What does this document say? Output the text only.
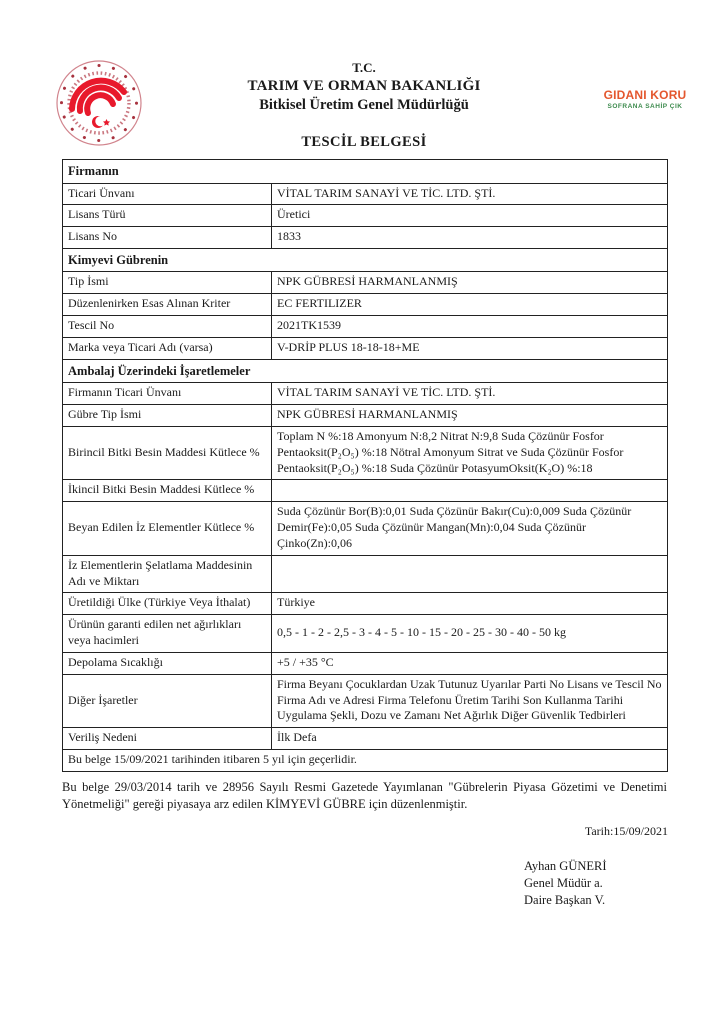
T.C.
TARIM VE ORMAN BAKANLIĞI
Bitkisel Üretim Genel Müdürlüğü
TESCİL BELGESİ
GIDANI KORU
SOFRANA SAHİP ÇIK
Firmanın	
Ticari Ünvanı	VİTAL TARIM SANAYİ VE TİC. LTD. ŞTİ.
Lisans Türü	Üretici
Lisans No	1833
Kimyevi Gübrenin	
Tip İsmi	NPK GÜBRESİ HARMANLANMIŞ
Düzenlenirken Esas Alınan Kriter	EC FERTILIZER
Tescil No	2021TK1539
Marka veya Ticari Adı (varsa)	V-DRİP PLUS 18-18-18+ME
Ambalaj Üzerindeki İşaretlemeler	
Firmanın Ticari Ünvanı	VİTAL TARIM SANAYİ VE TİC. LTD. ŞTİ.
Gübre Tip İsmi	NPK GÜBRESİ HARMANLANMIŞ
Birincil Bitki Besin Maddesi Kütlece %	Toplam N %:18 Amonyum N:8,2 Nitrat N:9,8 Suda Çözünür Fosfor Pentaoksit(P₂O₅) %:18 Nötral Amonyum Sitrat ve Suda Çözünür Fosfor Pentaoksit(P₂O₅) %:18 Suda Çözünür PotasyumOksit(K₂O) %:18
İkincil Bitki Besin Maddesi Kütlece %	
Beyan Edilen İz Elementler Kütlece %	Suda Çözünür Bor(B):0,01 Suda Çözünür Bakır(Cu):0,009 Suda Çözünür Demir(Fe):0,05 Suda Çözünür Mangan(Mn):0,04 Suda Çözünür Çinko(Zn):0,06
İz Elementlerin Şelatlama Maddesinin Adı ve Miktarı	
Üretildiği Ülke (Türkiye Veya İthalat)	Türkiye
Ürünün garanti edilen net ağırlıkları veya hacimleri	0,5 - 1 - 2 - 2,5 - 3 - 4 - 5 - 10 - 15 - 20 - 25 - 30 - 40 - 50 kg
Depolama Sıcaklığı	+5 / +35 °C
Diğer İşaretler	Firma Beyanı Çocuklardan Uzak Tutunuz Uyarılar Parti No Lisans ve Tescil No Firma Adı ve Adresi Firma Telefonu Üretim Tarihi Son Kullanma Tarihi Uygulama Şekli, Dozu ve Zamanı Net Ağırlık Diğer Güvenlik Tedbirleri
Veriliş Nedeni	İlk Defa
Bu belge 15/09/2021 tarihinden itibaren 5 yıl için geçerlidir.	

Bu belge 29/03/2014 tarih ve 28956 Sayılı Resmi Gazetede Yayımlanan "Gübrelerin Piyasa Gözetimi ve Denetimi Yönetmeliği" gereği piyasaya arz edilen KİMYEVİ GÜBRE için düzenlenmiştir.

Tarih:15/09/2021
Ayhan GÜNERİ
Genel Müdür a.
Daire Başkan V.
